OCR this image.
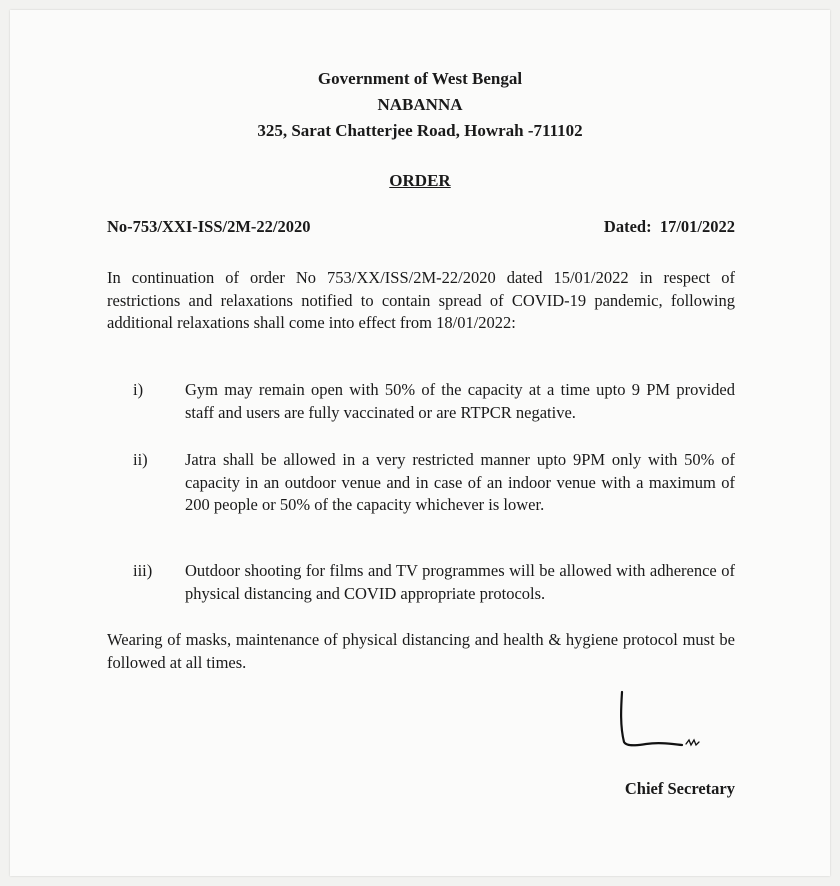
Government of West Bengal
NABANNA
325, Sarat Chatterjee Road, Howrah -711102
ORDER
No-753/XXI-ISS/2M-22/2020	Dated: 17/01/2022

In continuation of order No 753/XX/ISS/2M-22/2020 dated 15/01/2022 in respect of restrictions and relaxations notified to contain spread of COVID-19 pandemic, following additional relaxations shall come into effect from 18/01/2022:

i)	Gym may remain open with 50% of the capacity at a time upto 9 PM provided staff and users are fully vaccinated or are RTPCR negative.
ii) Jatra shall be allowed in a very restricted manner upto 9PM only with 50% of capacity in an outdoor venue and in case of an indoor venue with a maximum of 200 people or 50% of the capacity whichever is lower.
iii) Outdoor shooting for films and TV programmes will be allowed with adherence of physical distancing and COVID appropriate protocols.

Wearing of masks, maintenance of physical distancing and health & hygiene protocol must be followed at all times.

Chief Secretary
